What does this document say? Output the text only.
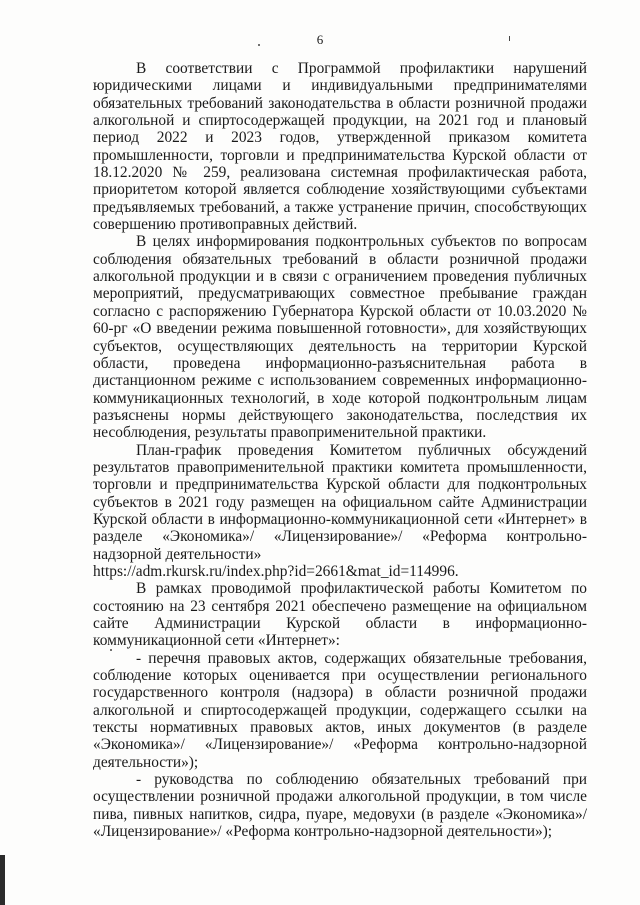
6

В соответствии с Программой профилактики нарушений юридическими лицами и индивидуальными предпринимателями обязательных требований законодательства в области розничной продажи алкогольной и спиртосодержащей продукции, на 2021 год и плановый период 2022 и 2023 годов, утвержденной приказом комитета промышленности, торговли и предпринимательства Курской области от 18.12.2020 № 259, реализована системная профилактическая работа, приоритетом которой является соблюдение хозяйствующими субъектами предъявляемых требований, а также устранение причин, способствующих совершению противоправных действий.

В целях информирования подконтрольных субъектов по вопросам соблюдения обязательных требований в области розничной продажи алкогольной продукции и в связи с ограничением проведения публичных мероприятий, предусматривающих совместное пребывание граждан согласно с распоряжению Губернатора Курской области от 10.03.2020 № 60-рг «О введении режима повышенной готовности», для хозяйствующих субъектов, осуществляющих деятельность на территории Курской области, проведена информационно-разъяснительная работа в дистанционном режиме с использованием современных информационно-коммуникационных технологий, в ходе которой подконтрольным лицам разъяснены нормы действующего законодательства, последствия их несоблюдения, результаты правоприменительной практики.

План-график проведения Комитетом публичных обсуждений результатов правоприменительной практики комитета промышленности, торговли и предпринимательства Курской области для подконтрольных субъектов в 2021 году размещен на официальном сайте Администрации Курской области в информационно-коммуникационной сети «Интернет» в разделе «Экономика»/ «Лицензирование»/ «Реформа контрольно-надзорной деятельности»

https://adm.rkursk.ru/index.php?id=2661&mat_id=114996.

В рамках проводимой профилактической работы Комитетом по состоянию на 23 сентября 2021 обеспечено размещение на официальном сайте Администрации Курской области в информационно-коммуникационной сети «Интернет»:

- перечня правовых актов, содержащих обязательные требования, соблюдение которых оценивается при осуществлении регионального государственного контроля (надзора) в области розничной продажи алкогольной и спиртосодержащей продукции, содержащего ссылки на тексты нормативных правовых актов, иных документов (в разделе «Экономика»/ «Лицензирование»/ «Реформа контрольно-надзорной деятельности»);

- руководства по соблюдению обязательных требований при осуществлении розничной продажи алкогольной продукции, в том числе пива, пивных напитков, сидра, пуаре, медовухи (в разделе «Экономика»/ «Лицензирование»/ «Реформа контрольно-надзорной деятельности»);
